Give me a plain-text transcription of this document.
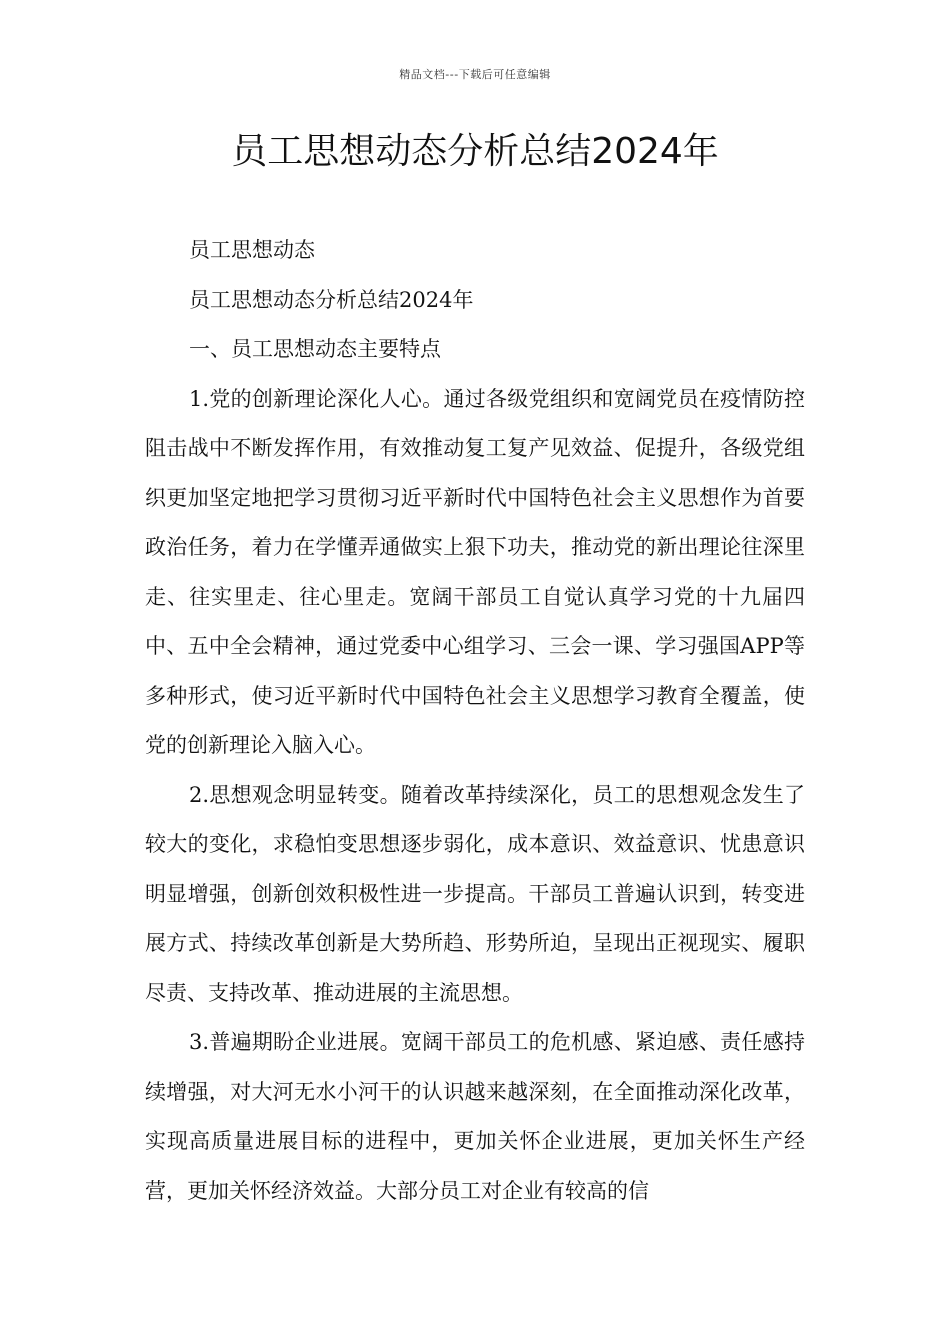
精品文档---下载后可任意编辑
员工思想动态分析总结2024年

员工思想动态

员工思想动态分析总结2024年

一、员工思想动态主要特点

1.党的创新理论深化人心。通过各级党组织和宽阔党员在疫情防控阻击战中不断发挥作用，有效推动复工复产见效益、促提升，各级党组织更加坚定地把学习贯彻习近平新时代中国特色社会主义思想作为首要政治任务，着力在学懂弄通做实上狠下功夫，推动党的新出理论往深里走、往实里走、往心里走。宽阔干部员工自觉认真学习党的十九届四中、五中全会精神，通过党委中心组学习、三会一课、学习强国APP等多种形式，使习近平新时代中国特色社会主义思想学习教育全覆盖，使党的创新理论入脑入心。

2.思想观念明显转变。随着改革持续深化，员工的思想观念发生了较大的变化，求稳怕变思想逐步弱化，成本意识、效益意识、忧患意识明显增强，创新创效积极性进一步提高。干部员工普遍认识到，转变进展方式、持续改革创新是大势所趋、形势所迫，呈现出正视现实、履职尽责、支持改革、推动进展的主流思想。

3.普遍期盼企业进展。宽阔干部员工的危机感、紧迫感、责任感持续增强，对大河无水小河干的认识越来越深刻，在全面推动深化改革，实现高质量进展目标的进程中，更加关怀企业进展，更加关怀生产经营，更加关怀经济效益。大部分员工对企业有较高的信
